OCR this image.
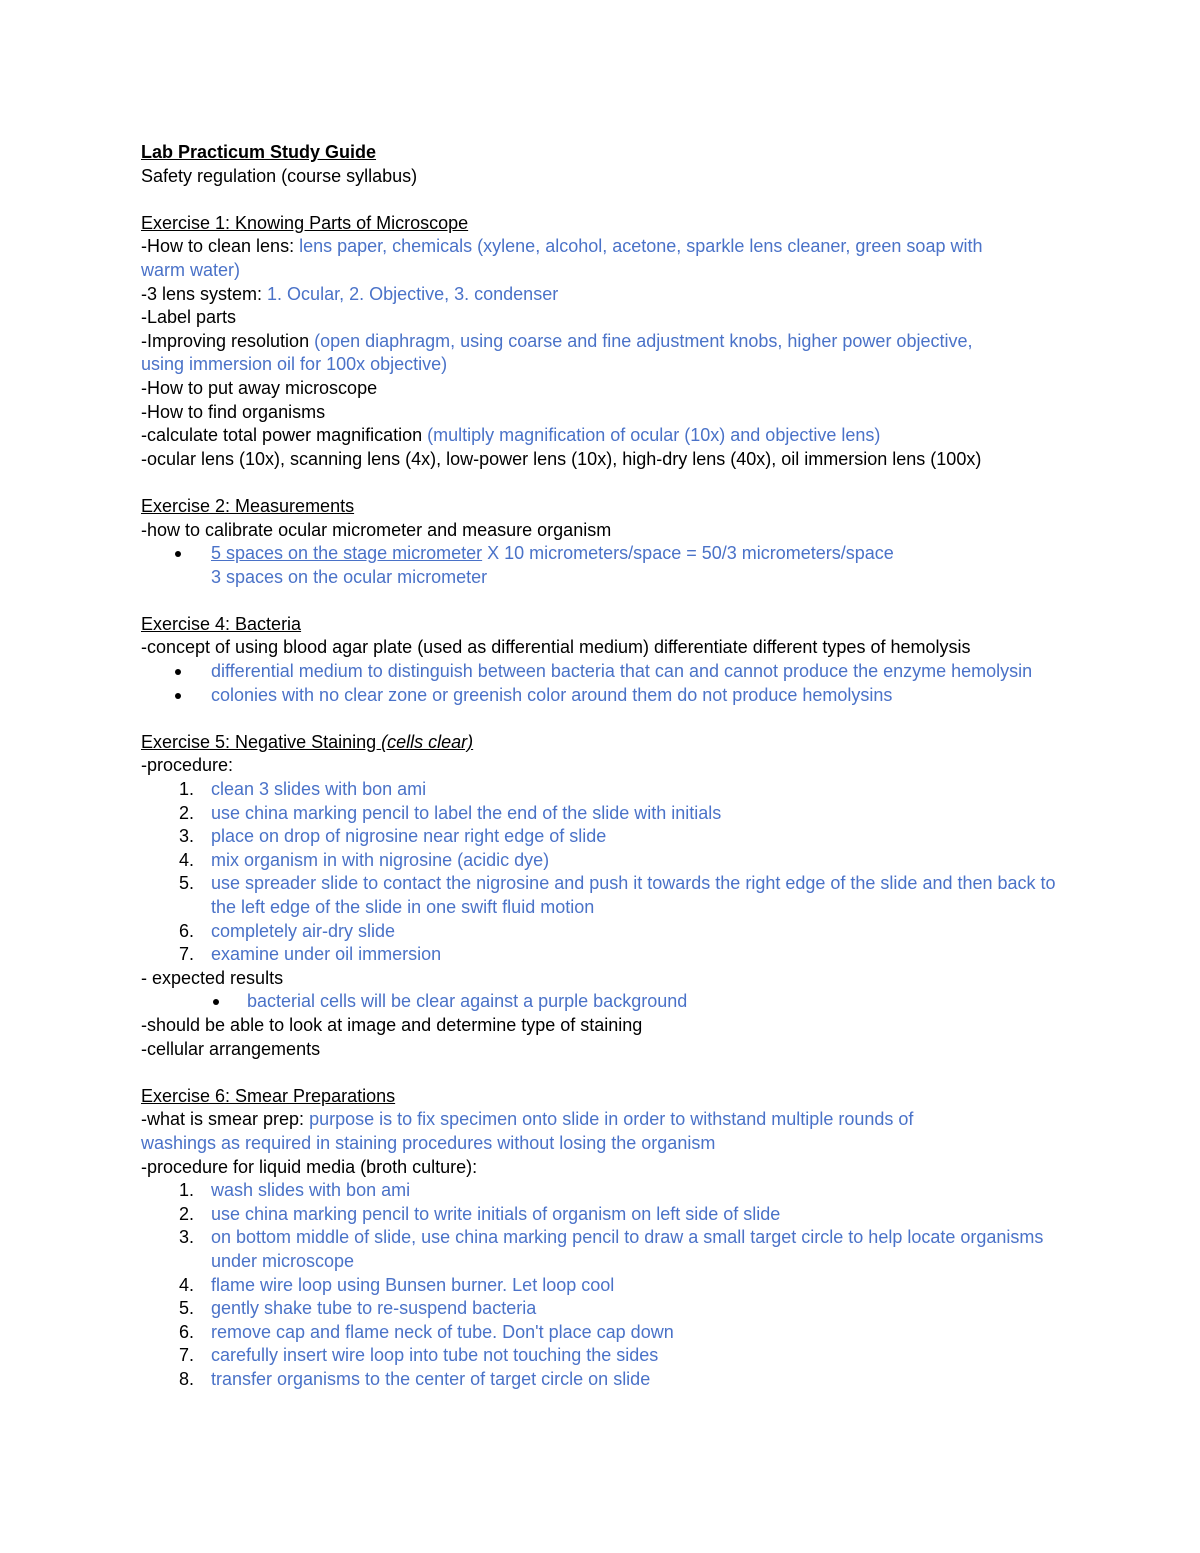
Lab Practicum Study Guide
Safety regulation (course syllabus)
Exercise 1: Knowing Parts of Microscope
-How to clean lens: lens paper, chemicals (xylene, alcohol, acetone, sparkle lens cleaner, green soap with
warm water)
-3 lens system: 1. Ocular, 2. Objective, 3. condenser
-Label parts
-Improving resolution (open diaphragm, using coarse and fine adjustment knobs, higher power objective,
using immersion oil for 100x objective)
-How to put away microscope
-How to find organisms
-calculate total power magnification (multiply magnification of ocular (10x) and objective lens)
-ocular lens (10x), scanning lens (4x), low-power lens (10x), high-dry lens (40x), oil immersion lens (100x)
Exercise 2: Measurements
-how to calibrate ocular micrometer and measure organism
5 spaces on the stage micrometer X 10 micrometers/space = 50/3 micrometers/space
3 spaces on the ocular micrometer
Exercise 4: Bacteria
-concept of using blood agar plate (used as differential medium) differentiate different types of hemolysis
differential medium to distinguish between bacteria that can and cannot produce the enzyme hemolysin
colonies with no clear zone or greenish color around them do not produce hemolysins
Exercise 5: Negative Staining (cells clear)
-procedure:
1. clean 3 slides with bon ami
2. use china marking pencil to label the end of the slide with initials
3. place on drop of nigrosine near right edge of slide
4. mix organism in with nigrosine (acidic dye)
5. use spreader slide to contact the nigrosine and push it towards the right edge of the slide and then back to the left edge of the slide in one swift fluid motion
6. completely air-dry slide
7. examine under oil immersion
- expected results
bacterial cells will be clear against a purple background
-should be able to look at image and determine type of staining
-cellular arrangements
Exercise 6: Smear Preparations
-what is smear prep: purpose is to fix specimen onto slide in order to withstand multiple rounds of
washings as required in staining procedures without losing the organism
-procedure for liquid media (broth culture):
1. wash slides with bon ami
2. use china marking pencil to write initials of organism on left side of slide
3. on bottom middle of slide, use china marking pencil to draw a small target circle to help locate organisms under microscope
4. flame wire loop using Bunsen burner. Let loop cool
5. gently shake tube to re-suspend bacteria
6. remove cap and flame neck of tube. Don't place cap down
7. carefully insert wire loop into tube not touching the sides
8. transfer organisms to the center of target circle on slide
